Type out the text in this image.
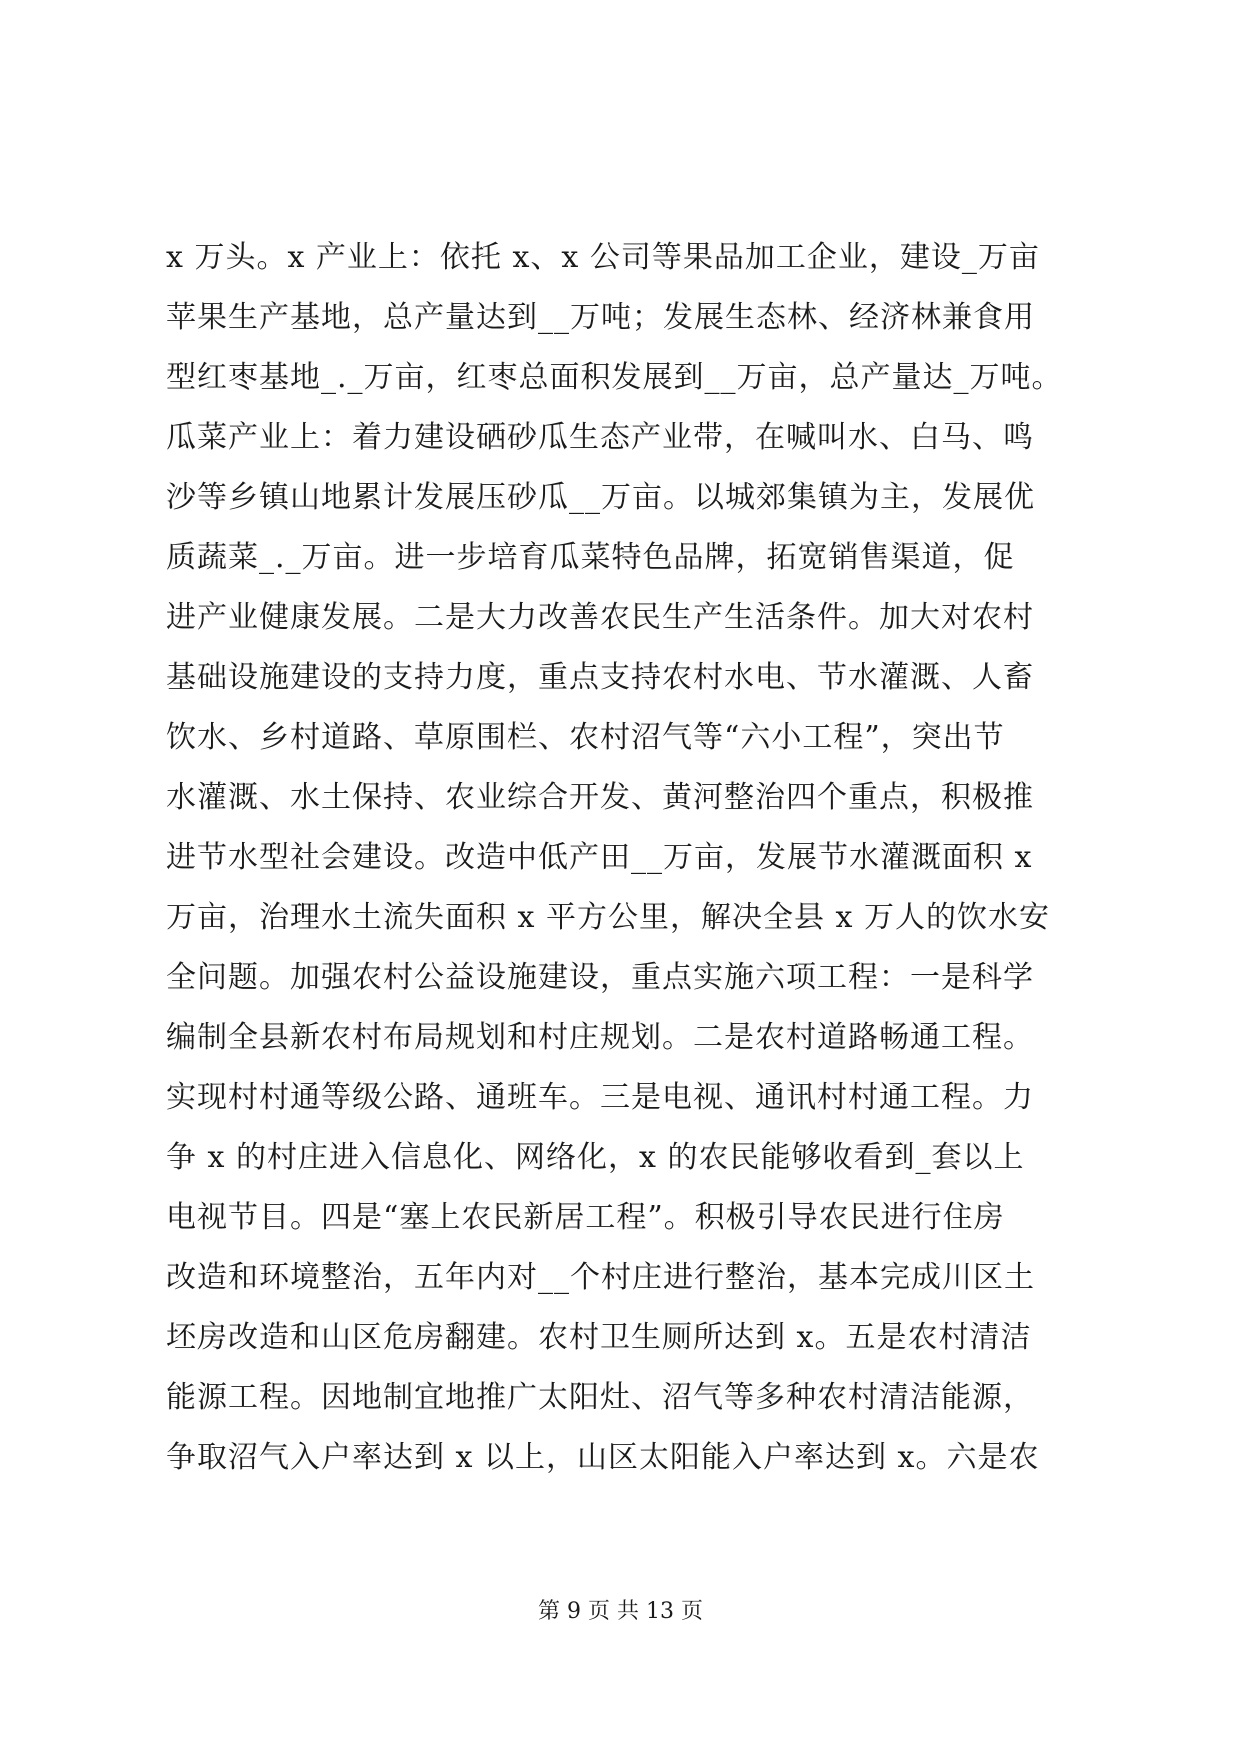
x 万头。x 产业上：依托 x、x 公司等果品加工企业，建设_万亩
苹果生产基地，总产量达到__万吨；发展生态林、经济林兼食用
型红枣基地_._万亩，红枣总面积发展到__万亩，总产量达_万吨。
瓜菜产业上：着力建设硒砂瓜生态产业带，在喊叫水、白马、鸣
沙等乡镇山地累计发展压砂瓜__万亩。以城郊集镇为主，发展优
质蔬菜_._万亩。进一步培育瓜菜特色品牌，拓宽销售渠道，促
进产业健康发展。二是大力改善农民生产生活条件。加大对农村
基础设施建设的支持力度，重点支持农村水电、节水灌溉、人畜
饮水、乡村道路、草原围栏、农村沼气等“六小工程”，突出节
水灌溉、水土保持、农业综合开发、黄河整治四个重点，积极推
进节水型社会建设。改造中低产田__万亩，发展节水灌溉面积 x
万亩，治理水土流失面积 x 平方公里，解决全县 x 万人的饮水安
全问题。加强农村公益设施建设，重点实施六项工程：一是科学
编制全县新农村布局规划和村庄规划。二是农村道路畅通工程。
实现村村通等级公路、通班车。三是电视、通讯村村通工程。力
争 x 的村庄进入信息化、网络化，x 的农民能够收看到_套以上
电视节目。四是“塞上农民新居工程”。积极引导农民进行住房
改造和环境整治，五年内对__个村庄进行整治，基本完成川区土
坯房改造和山区危房翻建。农村卫生厕所达到 x。五是农村清洁
能源工程。因地制宜地推广太阳灶、沼气等多种农村清洁能源，
争取沼气入户率达到 x 以上，山区太阳能入户率达到 x。六是农
第 9 页 共 13 页
